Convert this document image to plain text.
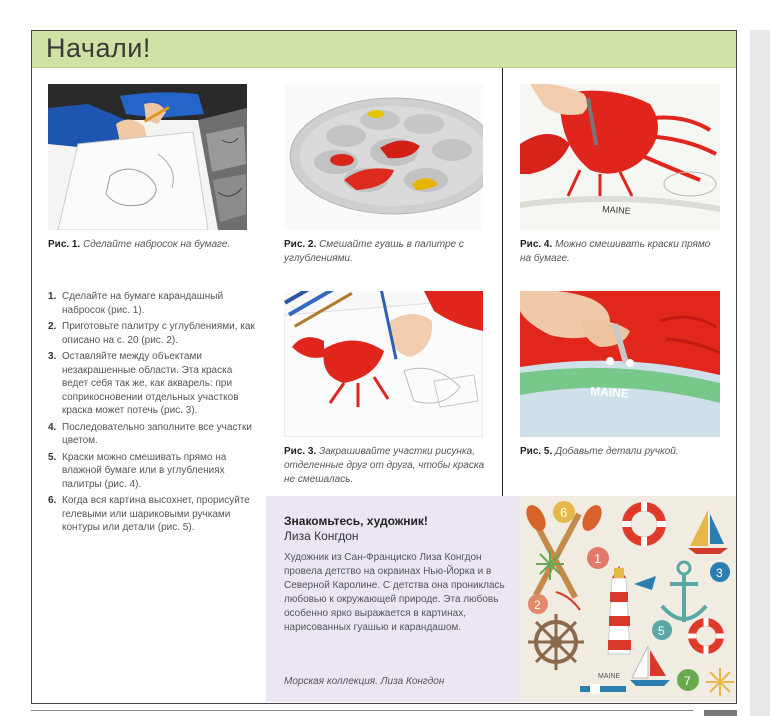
Начали!
Рис. 1. Сделайте набросок на бумаге.	Рис. 2. Смешайте гуашь в палитре с углублениями.
MAINE
Рис. 4. Можно смешивать краски прямо на бумаге.
1. Сделайте на бумаге карандашный набросок (рис. 1).
2. Приготовьте палитру с углублениями, как описано на с. 20 (рис. 2).
3. Оставляйте между объектами незакрашенные области. Эта краска ведет себя так же, как акварель: при соприкосновении отдельных участков краска может потечь (рис. 3).
4. Последовательно заполните все участки цветом.
5. Краски можно смешивать прямо на влажной бумаге или в углублениях палитры (рис. 4).
6. Когда вся картина высохнет, прорисуйте гелевыми или шариковыми ручками контуры или детали (рис. 5).
Рис. 3. Закрашивайте участки рисунка, отделенные друг от друга, чтобы краска не смешалась.
MAINE
Рис. 5. Добавьте детали ручкой.
Знакомьтесь, художник!
Лиза Конгдон
Художник из Сан-Франциско Лиза Конгдон провела детство на окраинах Нью-Йорка и в Северной Каролине. С детства она прониклась любовью к окружающей природе. Эта любовь особенно ярко выражается в картинах, нарисованных гуашью и карандашом.
Морская коллекция. Лиза Конгдон
6
1
3
2
5
7
MAINE
